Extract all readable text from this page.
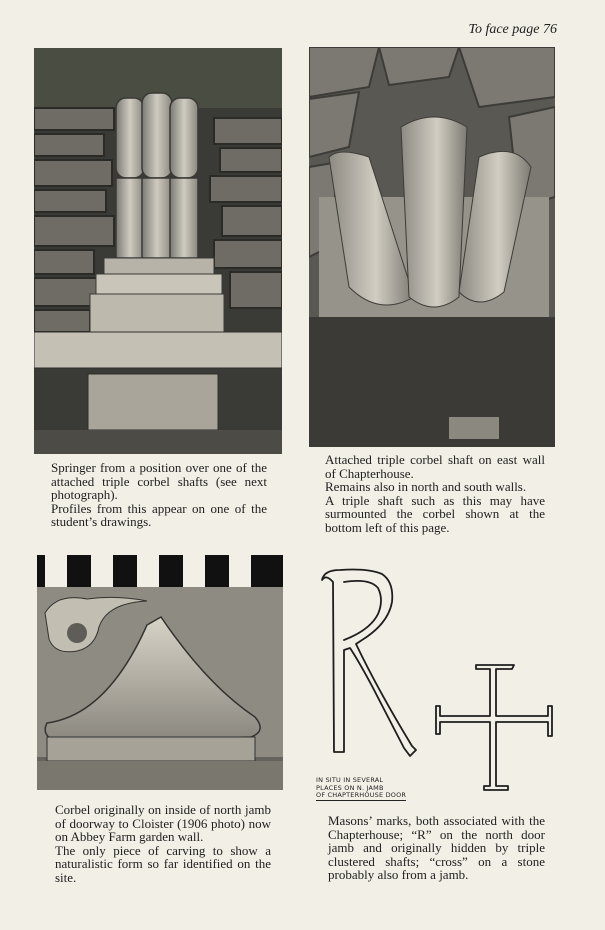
To face page 76

Springer from a position over one of the attached triple corbel shafts (see next photograph).

Profiles from this appear on one of the student’s drawings.

Attached triple corbel shaft on east wall of Chapterhouse.

Remains also in north and south walls.

A triple shaft such as this may have surmounted the corbel shown at the bottom left of this page.

Corbel originally on inside of north jamb of doorway to Cloister (1906 photo) now on Abbey Farm garden wall.

The only piece of carving to show a naturalistic form so far identified on the site.

Masons’ marks, both associated with the Chapterhouse; “R” on the north door jamb and originally hidden by triple clustered shafts; “cross” on a stone probably also from a jamb.

IN SITU IN SEVERAL
PLACES ON N. JAMB
OF CHAPTERHOUSE DOOR
